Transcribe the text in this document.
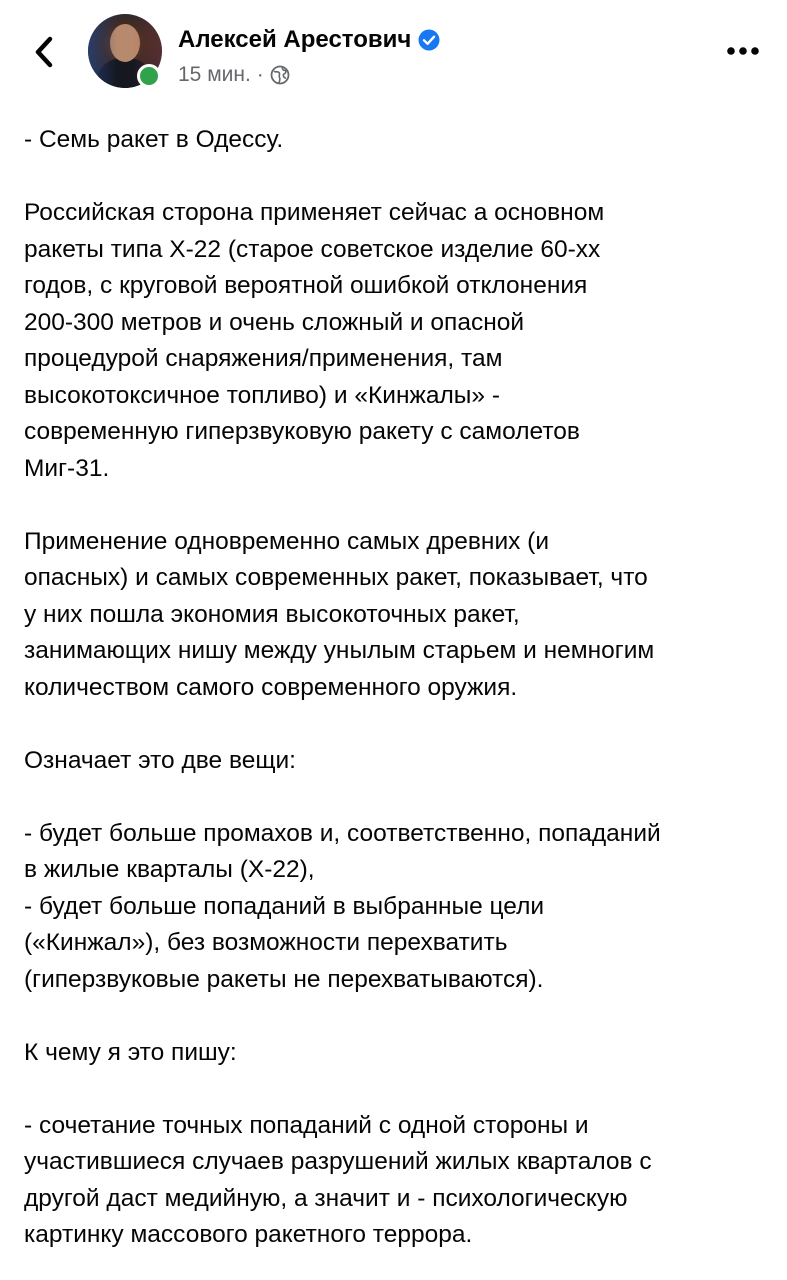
Алексей Арестович
15 мин. ·
- Семь ракет в Одессу.
Российская сторона применяет сейчас а основном
ракеты типа Х-22 (старое советское изделие 60-хх
годов, с круговой вероятной ошибкой отклонения
200-300 метров и очень сложный и опасной
процедурой снаряжения/применения, там
высокотоксичное топливо) и «Кинжалы» -
современную гиперзвуковую ракету с самолетов
Миг-31.
Применение одновременно самых древних (и
опасных) и самых современных ракет, показывает, что
у них пошла экономия высокоточных ракет,
занимающих нишу между унылым старьем и немногим
количеством самого современного оружия.
Означает это две вещи:
- будет больше промахов и, соответственно, попаданий
в жилые кварталы (Х-22),
- будет больше попаданий в выбранные цели
(«Кинжал»), без возможности перехватить
(гиперзвуковые ракеты не перехватываются).
К чему я это пишу:
- сочетание точных попаданий с одной стороны и
участившиеся случаев разрушений жилых кварталов с
другой даст медийную, а значит и - психологическую
картинку массового ракетного террора.
